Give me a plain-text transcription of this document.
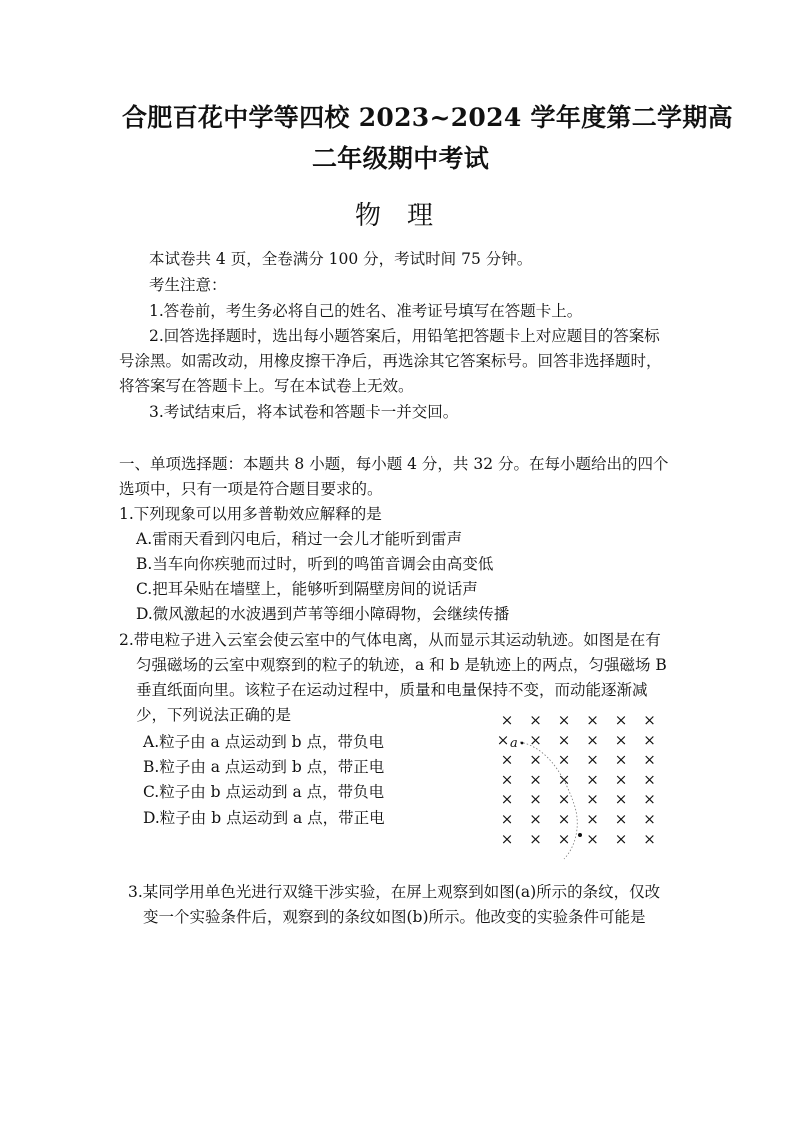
合肥百花中学等四校 2023~2024 学年度第二学期高
二年级期中考试
物　理
本试卷共 4 页，全卷满分 100 分，考试时间 75 分钟。
考生注意：
1.答卷前，考生务必将自己的姓名、准考证号填写在答题卡上。
2.回答选择题时，选出每小题答案后，用铅笔把答题卡上对应题目的答案标
号涂黑。如需改动，用橡皮擦干净后，再选涂其它答案标号。回答非选择题时，
将答案写在答题卡上。写在本试卷上无效。
3.考试结束后，将本试卷和答题卡一并交回。
一、单项选择题：本题共 8 小题，每小题 4 分，共 32 分。在每小题给出的四个
选项中，只有一项是符合题目要求的。
1.下列现象可以用多普勒效应解释的是
A.雷雨天看到闪电后，稍过一会儿才能听到雷声
B.当车向你疾驰而过时，听到的鸣笛音调会由高变低
C.把耳朵贴在墙壁上，能够听到隔壁房间的说话声
D.微风激起的水波遇到芦苇等细小障碍物，会继续传播
2.带电粒子进入云室会使云室中的气体电离，从而显示其运动轨迹。如图是在有
匀强磁场的云室中观察到的粒子的轨迹，a 和 b 是轨迹上的两点，匀强磁场 B
垂直纸面向里。该粒子在运动过程中，质量和电量保持不变，而动能逐渐减
少，下列说法正确的是
A.粒子由 a 点运动到 b 点，带负电
B.粒子由 a 点运动到 b 点，带正电
C.粒子由 b 点运动到 a 点，带负电
D.粒子由 b 点运动到 a 点，带正电
× × × × × ×
× × × × ×
× × × × × ×
× × × × × ×
× × × × × ×
× × × × × ×
× × × × × ×
× a
3.某同学用单色光进行双缝干涉实验，在屏上观察到如图(a)所示的条纹，仅改
变一个实验条件后，观察到的条纹如图(b)所示。他改变的实验条件可能是
